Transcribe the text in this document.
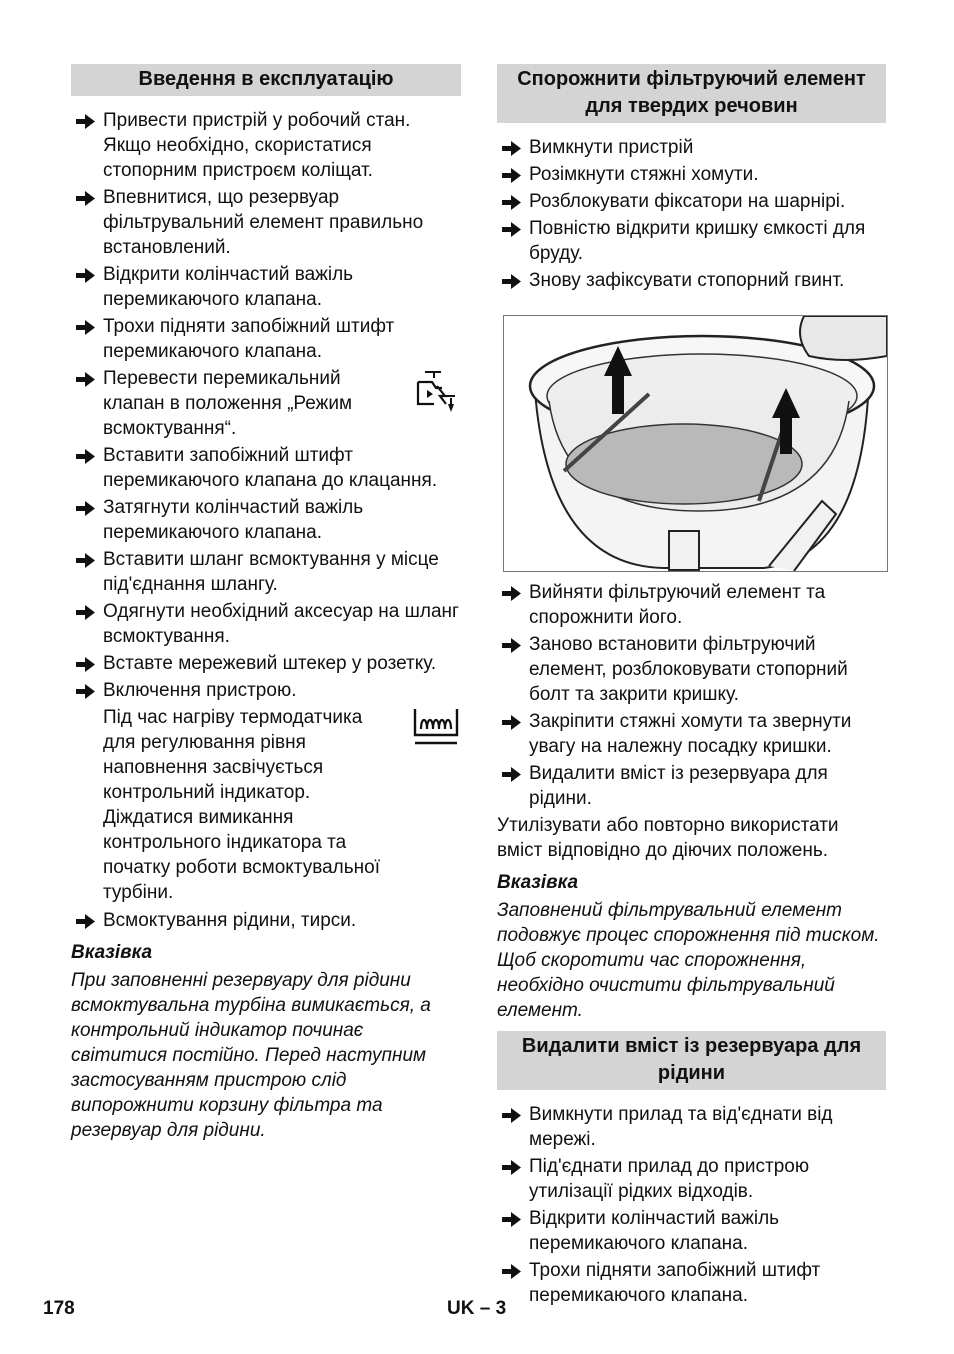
Введення в експлуатацію
Привести пристрій у робочий стан. Якщо необхідно, скористатися стопорним пристроєм коліщат.
Впевнитися, що резервуар фільтрувальний елемент правильно встановлений.
Відкрити колінчастий важіль перемикаючого клапана.
Трохи підняти запобіжний штифт перемикаючого клапана.
Перевести перемикальний клапан в положення „Режим всмоктування“.
Вставити запобіжний штифт перемикаючого клапана до клацання.
Затягнути колінчастий важіль перемикаючого клапана.
Вставити шланг всмоктування у місце під'єднання шлангу.
Одягнути необхідний аксесуар на шланг всмоктування.
Вставте мережевий штекер у розетку.
Включення пристрою.
Під час нагріву термодатчика для регулювання рівня наповнення засвічується контрольний індикатор. Діждатися вимикання контрольного індикатора та початку роботи всмоктувальної турбіни.
Всмоктування рідини, тирси.

Вказівка

При заповненні резервуару для рідини всмоктувальна турбіна вимикається, а контрольний індикатор починає світитися постійно. Перед наступним застосуванням пристрою слід випорожнити корзину фільтра та резервуар для рідини.

Спорожнити фільтруючий елемент для твердих речовин
Вимкнути пристрій
Розімкнути стяжні хомути.
Розблокувати фіксатори на шарнірі.
Повністю відкрити кришку ємкості для бруду.
Знову зафіксувати стопорний гвинт.
Вийняти фільтруючий елемент та спорожнити його.
Заново встановити фільтруючий елемент, розблоковувати стопорний болт та закрити кришку.
Закріпити стяжні хомути та звернути увагу на належну посадку кришки.
Видалити вміст із резервуара для рідини.

Утилізувати або повторно використати вміст відповідно до діючих положень.

Вказівка

Заповнений фільтрувальний елемент подовжує процес спорожнення під тиском. Щоб скоротити час спорожнення, необхідно очистити фільтрувальний елемент.

Видалити вміст із резервуара для рідини
Вимкнути прилад та від'єднати від мережі.
Під'єднати прилад до пристрою утилізації рідких відходів.
Відкрити колінчастий важіль перемикаючого клапана.
Трохи підняти запобіжний штифт перемикаючого клапана.
178	UK – 3
